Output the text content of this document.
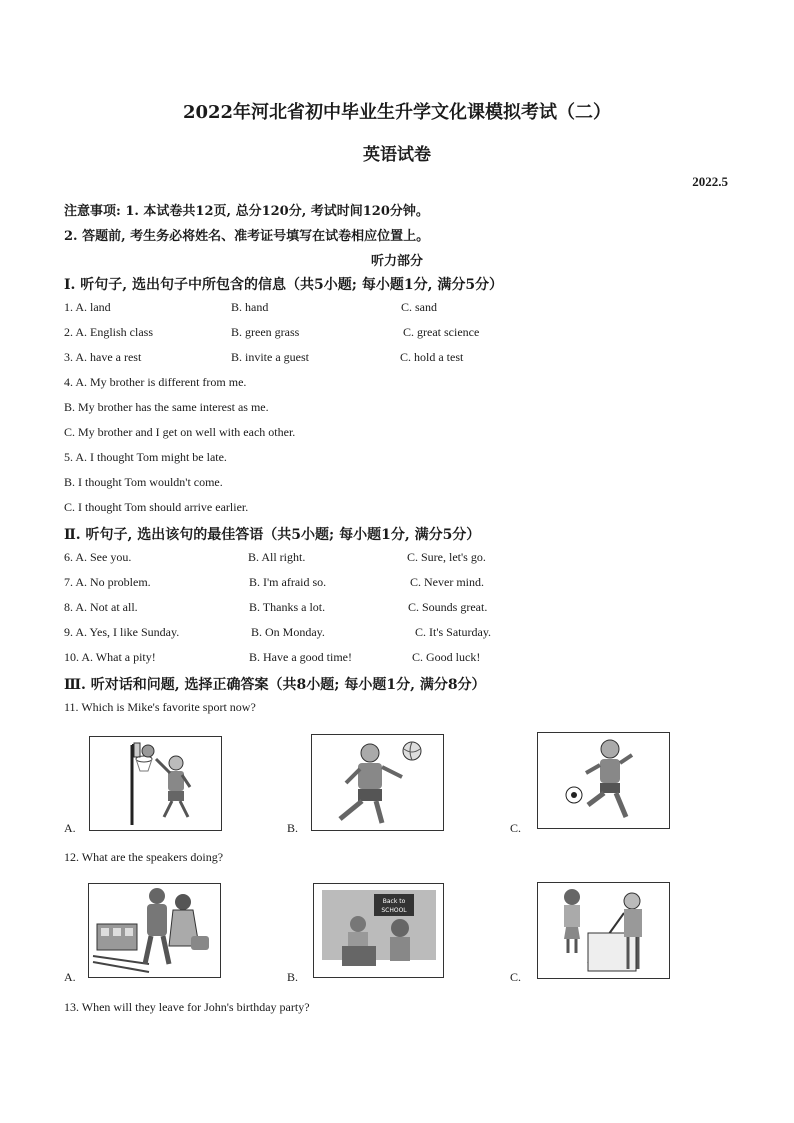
2022年河北省初中毕业生升学文化课模拟考试（二）
英语试卷
2022.5
注意事项: 1. 本试卷共12页, 总分120分, 考试时间120分钟。
2. 答题前, 考生务必将姓名、准考证号填写在试卷相应位置上。
听力部分
I. 听句子, 选出句子中所包含的信息（共5小题; 每小题1分, 满分5分）
1. A. land	B. hand	C. sand
2. A. English class	B. green grass	C. great science
3. A. have a rest	B. invite a guest	C. hold a test
4. A. My brother is different from me.
B. My brother has the same interest as me.
C. My brother and I get on well with each other.
5. A. I thought Tom might be late.
B. I thought Tom wouldn't come.
C. I thought Tom should arrive earlier.
Ⅱ. 听句子, 选出该句的最佳答语（共5小题; 每小题1分, 满分5分）
6. A. See you.	B. All right.	C. Sure, let's go.
7. A. No problem.	B. I'm afraid so.	C. Never mind.
8. A. Not at all.	B. Thanks a lot.	C. Sounds great.
9. A. Yes, I like Sunday.	B. On Monday.	C. It's Saturday.
10. A. What a pity!	B. Have a good time!	C. Good luck!
Ⅲ. 听对话和问题, 选择正确答案（共8小题; 每小题1分, 满分8分）
11. Which is Mike's favorite sport now?
A.	B.	C.
12. What are the speakers doing?
A.	B.
Back to
SCHOOL
C.
13. When will they leave for John's birthday party?
